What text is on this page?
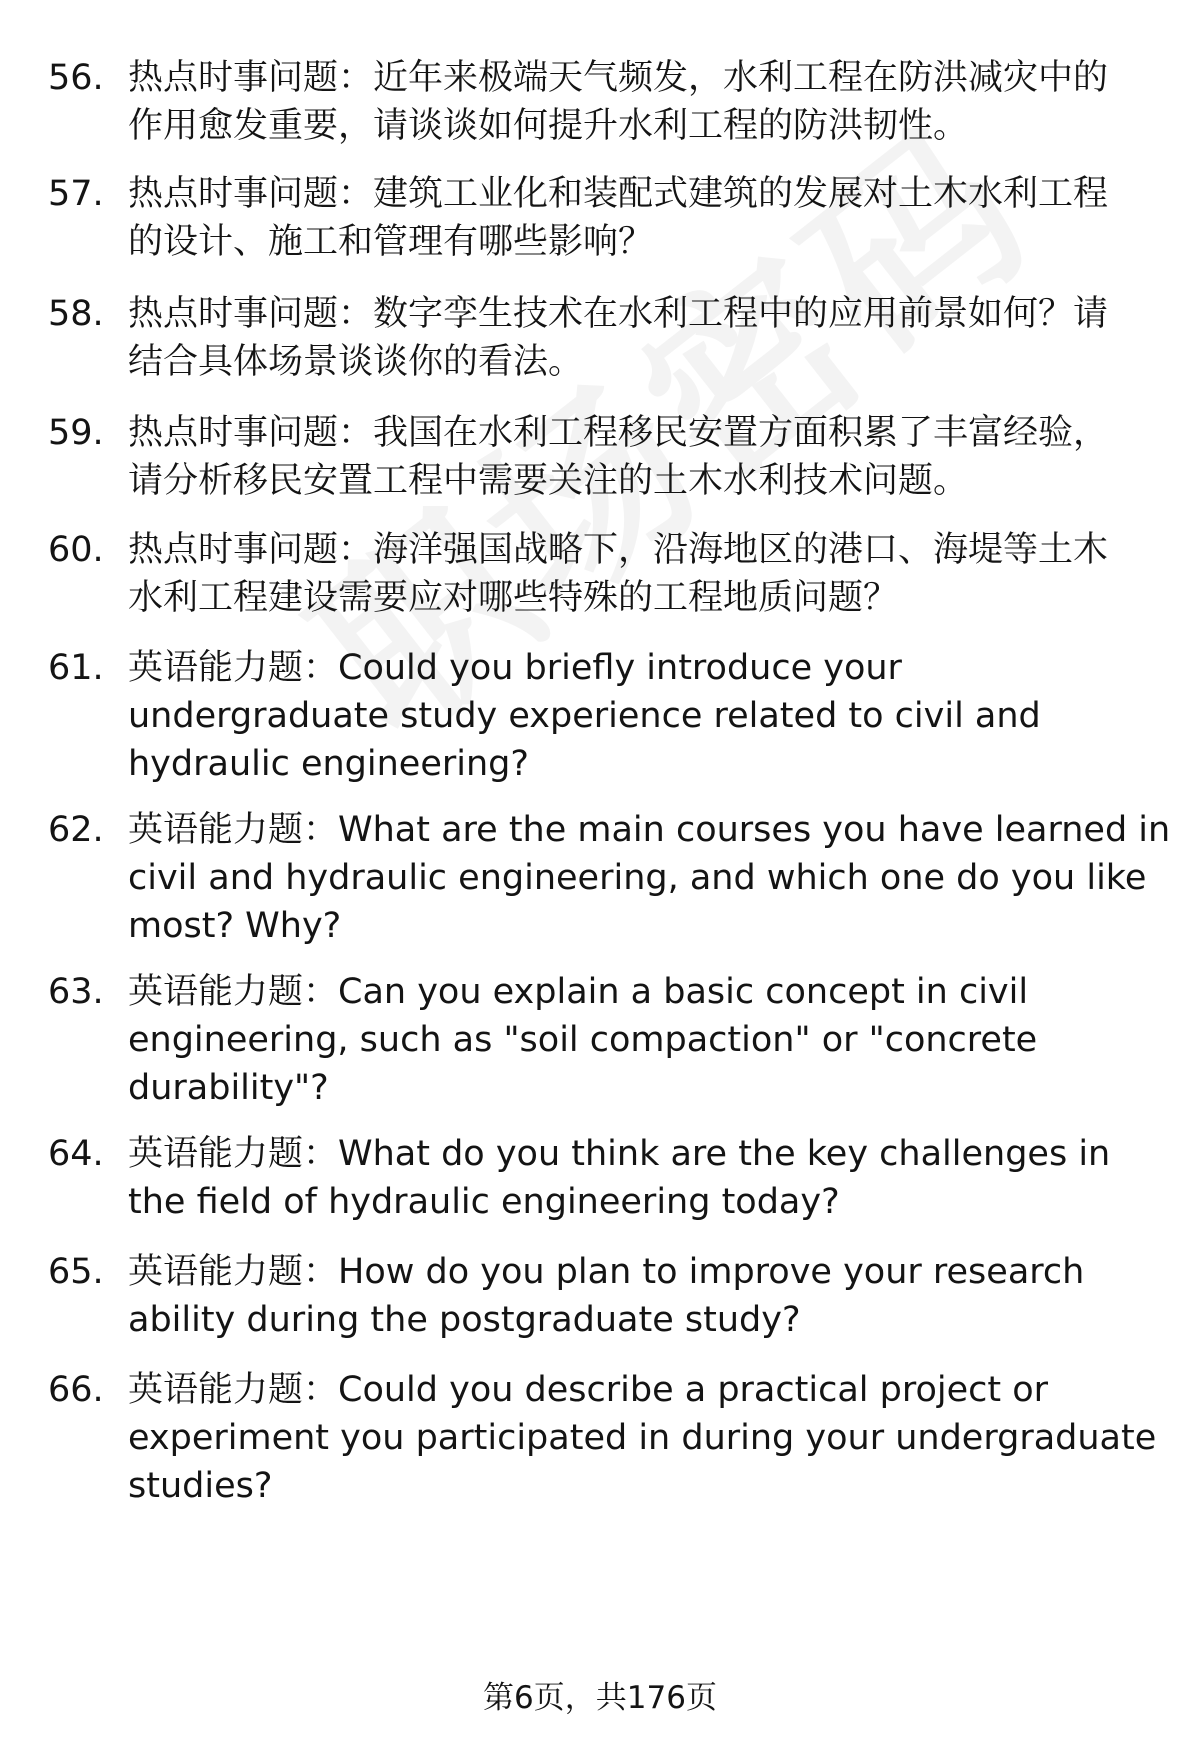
56. 热点时事问题：近年来极端天气频发，水利工程在防洪减灾中的
作用愈发重要，请谈谈如何提升水利工程的防洪韧性。
57. 热点时事问题：建筑工业化和装配式建筑的发展对土木水利工程
的设计、施工和管理有哪些影响？
58. 热点时事问题：数字孪生技术在水利工程中的应用前景如何？请
结合具体场景谈谈你的看法。
59. 热点时事问题：我国在水利工程移民安置方面积累了丰富经验，
请分析移民安置工程中需要关注的土木水利技术问题。
60. 热点时事问题：海洋强国战略下，沿海地区的港口、海堤等土木
水利工程建设需要应对哪些特殊的工程地质问题？
61. 英语能力题：Could you briefly introduce your
undergraduate study experience related to civil and
hydraulic engineering?
62. 英语能力题：What are the main courses you have learned in
civil and hydraulic engineering, and which one do you like
most? Why?
63. 英语能力题：Can you explain a basic concept in civil
engineering, such as "soil compaction" or "concrete
durability"?
64. 英语能力题：What do you think are the key challenges in
the field of hydraulic engineering today?
65. 英语能力题：How do you plan to improve your research
ability during the postgraduate study?
66. 英语能力题：Could you describe a practical project or
experiment you participated in during your undergraduate
studies?
第6页，共176页
